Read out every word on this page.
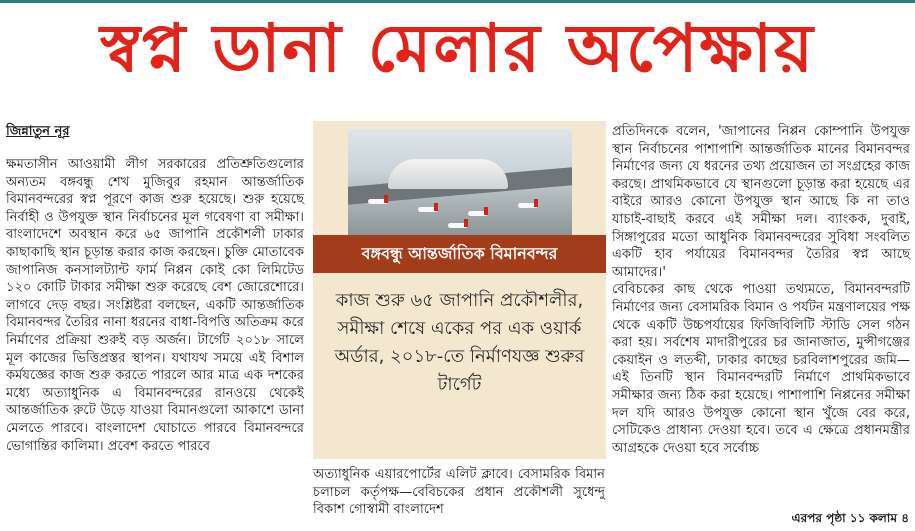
স্বপ্ন ডানা মেলার অপেক্ষায়
জিন্নাতুন নূর

ক্ষমতাসীন আওয়ামী লীগ সরকারের প্রতিশ্রুতিগুলোর অন্যতম বঙ্গবন্ধু শেখ মুজিবুর রহমান আন্তর্জাতিক বিমানবন্দরের স্বপ্ন পূরণে কাজ শুরু হয়েছে। শুরু হয়েছে নির্বাহী ও উপযুক্ত স্থান নির্বাচনের মূল গবেষণা বা সমীক্ষা। বাংলাদেশে অবস্থান করে ৬৫ জাপানি প্রকৌশলী ঢাকার কাছাকাছি স্থান চূড়ান্ত করার কাজ করছেন। চুক্তি মোতাবেক জাপানিজ কনসালট্যান্ট ফার্ম নিপ্পন কোই কো লিমিটেড ১২০ কোটি টাকার সমীক্ষা শুরু করেছে বেশ জোরেশোরে। লাগবে দেড় বছর। সংশ্লিষ্টরা বলছেন, একটি আন্তর্জাতিক বিমানবন্দর তৈরির নানা ধরনের বাধা-বিপত্তি অতিক্রম করে নির্মাণের প্রক্রিয়া শুরুই বড় অর্জন। টার্গেট ২০১৮ সালে মূল কাজের ভিত্তিপ্রস্তর স্থাপন। যথাযথ সময়ে এই বিশাল কর্মযজ্ঞের কাজ শুরু করতে পারলে আর মাত্র এক দশকের মধ্যে অত্যাধুনিক এ বিমানবন্দরের রানওয়ে থেকেই আন্তর্জাতিক রুটে উড়ে যাওয়া বিমানগুলো আকাশে ডানা মেলতে পারবে। বাংলাদেশ ঘোচাতে পারবে বিমানবন্দরে ভোগান্তির কালিমা। প্রবেশ করতে পারবে

বঙ্গবন্ধু আন্তর্জাতিক বিমানবন্দর
কাজ শুরু ৬৫ জাপানি প্রকৌশলীর, সমীক্ষা শেষে একের পর এক ওয়ার্ক অর্ডার, ২০১৮-তে নির্মাণযজ্ঞ শুরুর টার্গেট
অত্যাধুনিক এয়ারপোর্টের এলিট ক্লাবে। বেসামরিক বিমান চলাচল কর্তৃপক্ষ—বেবিচকের প্রধান প্রকৌশলী সুধেন্দু বিকাশ গোস্বামী বাংলাদেশ

প্রতিদিনকে বলেন, 'জাপানের নিপ্পন কোম্পানি উপযুক্ত স্থান নির্বাচনের পাশাপাশি আন্তর্জাতিক মানের বিমানবন্দর নির্মাণের জন্য যে ধরনের তথ্য প্রয়োজন তা সংগ্রহের কাজ করছে। প্রাথমিকভাবে যে স্থানগুলো চূড়ান্ত করা হয়েছে এর বাইরে আরও কোনো উপযুক্ত স্থান আছে কি না তাও যাচাই-বাছাই করবে এই সমীক্ষা দল। ব্যাংকক, দুবাই, সিঙ্গাপুরের মতো আধুনিক বিমানবন্দরের সুবিধা সংবলিত একটি হাব পর্যায়ের বিমানবন্দর তৈরির স্বপ্ন আছে আমাদের।'

বেবিচকের কাছ থেকে পাওয়া তথ্যমতে, বিমানবন্দরটি নির্মাণের জন্য বেসামরিক বিমান ও পর্যটন মন্ত্রণালয়ের পক্ষ থেকে একটি উচ্চপর্যায়ের ফিজিবিলিটি স্টাডি সেল গঠন করা হয়। সর্বশেষ মাদারীপুরের চর জানাজাত, মুন্সীগঞ্জের কেয়াইন ও লতব্দী, ঢাকার কাছের চরবিলাশপুরের জমি—এই তিনটি স্থান বিমানবন্দরটি নির্মাণে প্রাথমিকভাবে সমীক্ষার জন্য ঠিক করা হয়েছে। পাশাপাশি নিপ্পনের সমীক্ষা দল যদি আরও উপযুক্ত কোনো স্থান খুঁজে বের করে, সেটিকেও প্রাধান্য দেওয়া হবে। তবে এ ক্ষেত্রে প্রধানমন্ত্রীর আগ্রহকে দেওয়া হবে সর্বোচ্চ

এরপর পৃষ্ঠা ১১ কলাম ৪
